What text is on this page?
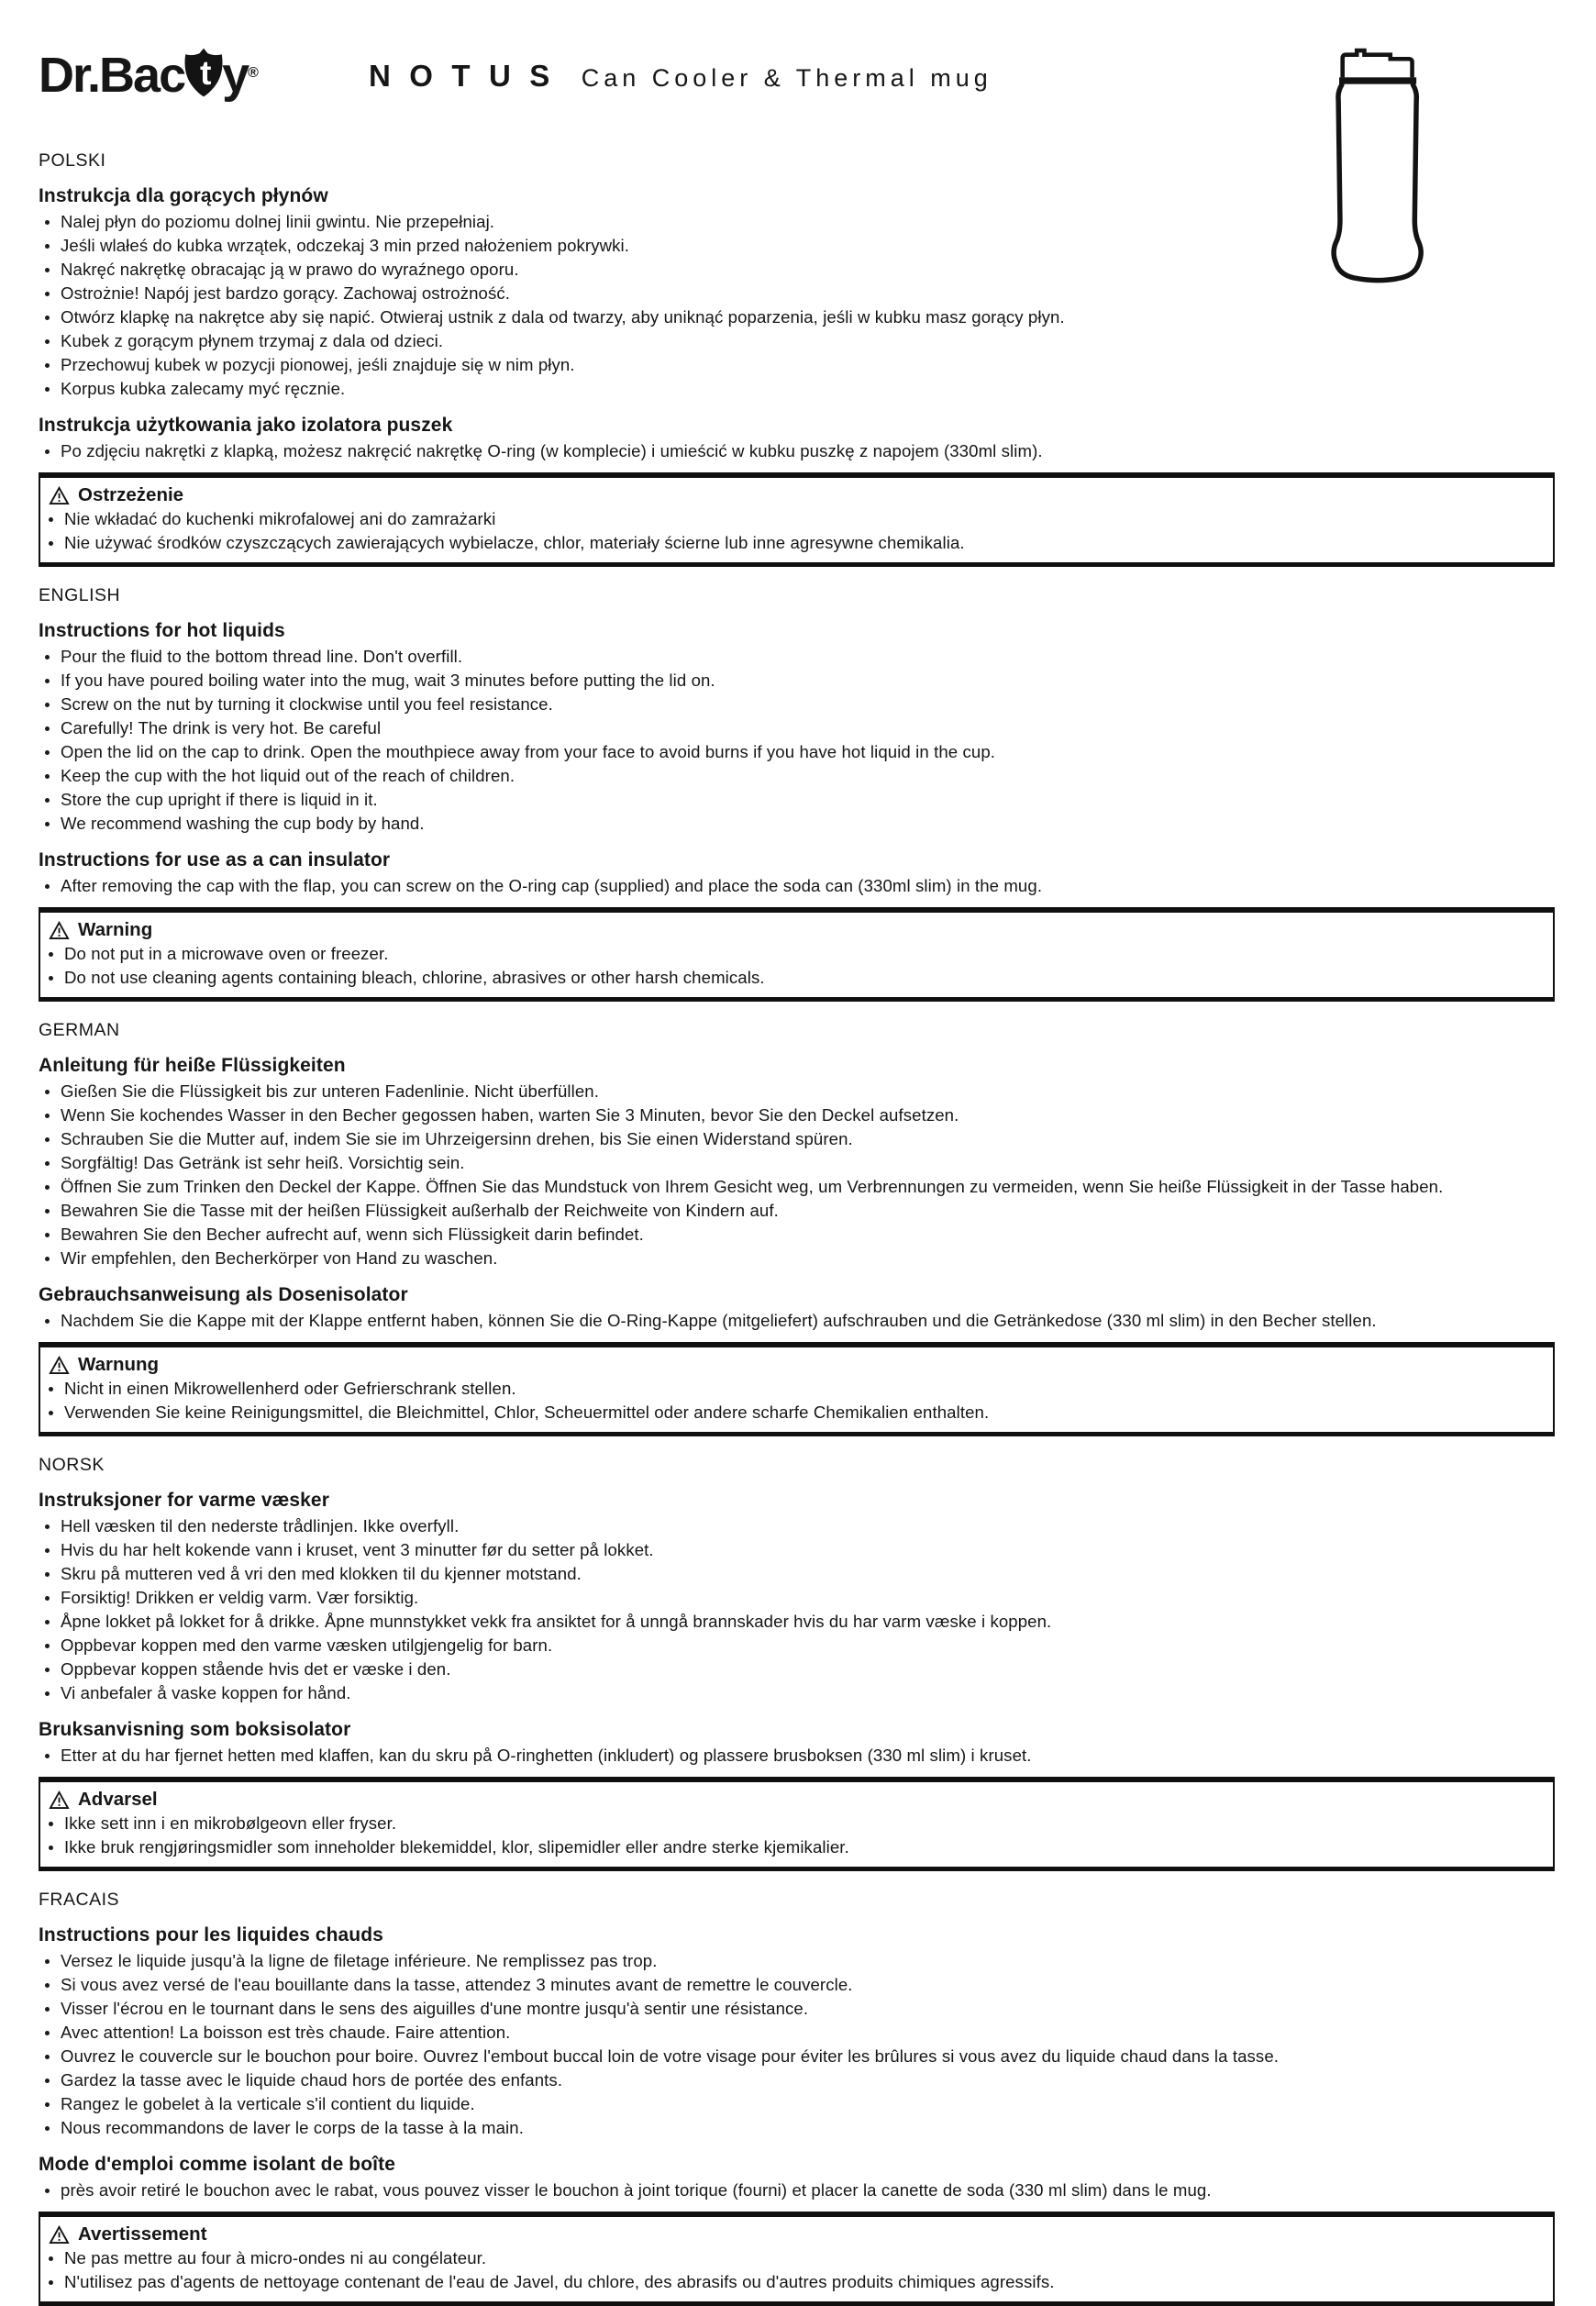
Dr.Bac t y ®	NOTUS Can Cooler & Thermal mug
POLSKI
Instrukcja dla gorących płynów
Nalej płyn do poziomu dolnej linii gwintu. Nie przepełniaj.
Jeśli wlałeś do kubka wrzątek, odczekaj 3 min przed nałożeniem pokrywki.
Nakręć nakrętkę obracając ją w prawo do wyraźnego oporu.
Ostrożnie! Napój jest bardzo gorący. Zachowaj ostrożność.
Otwórz klapkę na nakrętce aby się napić. Otwieraj ustnik z dala od twarzy, aby uniknąć poparzenia, jeśli w kubku masz gorący płyn.
Kubek z gorącym płynem trzymaj z dala od dzieci.
Przechowuj kubek w pozycji pionowej, jeśli znajduje się w nim płyn.
Korpus kubka zalecamy myć ręcznie.
Instrukcja użytkowania jako izolatora puszek
Po zdjęciu nakrętki z klapką, możesz nakręcić nakrętkę O-ring (w komplecie) i umieścić w kubku puszkę z napojem (330ml slim).
Ostrzeżenie
Nie wkładać do kuchenki mikrofalowej ani do zamrażarki
Nie używać środków czyszczących zawierających wybielacze, chlor, materiały ścierne lub inne agresywne chemikalia.
ENGLISH
Instructions for hot liquids
Pour the fluid to the bottom thread line. Don't overfill.
If you have poured boiling water into the mug, wait 3 minutes before putting the lid on.
Screw on the nut by turning it clockwise until you feel resistance.
Carefully! The drink is very hot. Be careful
Open the lid on the cap to drink. Open the mouthpiece away from your face to avoid burns if you have hot liquid in the cup.
Keep the cup with the hot liquid out of the reach of children.
Store the cup upright if there is liquid in it.
We recommend washing the cup body by hand.
Instructions for use as a can insulator
After removing the cap with the flap, you can screw on the O-ring cap (supplied) and place the soda can (330ml slim) in the mug.
Warning
Do not put in a microwave oven or freezer.
Do not use cleaning agents containing bleach, chlorine, abrasives or other harsh chemicals.
GERMAN
Anleitung für heiße Flüssigkeiten
Gießen Sie die Flüssigkeit bis zur unteren Fadenlinie. Nicht überfüllen.
Wenn Sie kochendes Wasser in den Becher gegossen haben, warten Sie 3 Minuten, bevor Sie den Deckel aufsetzen.
Schrauben Sie die Mutter auf, indem Sie sie im Uhrzeigersinn drehen, bis Sie einen Widerstand spüren.
Sorgfältig! Das Getränk ist sehr heiß. Vorsichtig sein.
Öffnen Sie zum Trinken den Deckel der Kappe. Öffnen Sie das Mundstuck von Ihrem Gesicht weg, um Verbrennungen zu vermeiden, wenn Sie heiße Flüssigkeit in der Tasse haben.
Bewahren Sie die Tasse mit der heißen Flüssigkeit außerhalb der Reichweite von Kindern auf.
Bewahren Sie den Becher aufrecht auf, wenn sich Flüssigkeit darin befindet.
Wir empfehlen, den Becherkörper von Hand zu waschen.
Gebrauchsanweisung als Dosenisolator
Nachdem Sie die Kappe mit der Klappe entfernt haben, können Sie die O-Ring-Kappe (mitgeliefert) aufschrauben und die Getränkedose (330 ml slim) in den Becher stellen.
Warnung
Nicht in einen Mikrowellenherd oder Gefrierschrank stellen.
Verwenden Sie keine Reinigungsmittel, die Bleichmittel, Chlor, Scheuermittel oder andere scharfe Chemikalien enthalten.
NORSK
Instruksjoner for varme væsker
Hell væsken til den nederste trådlinjen. Ikke overfyll.
Hvis du har helt kokende vann i kruset, vent 3 minutter før du setter på lokket.
Skru på mutteren ved å vri den med klokken til du kjenner motstand.
Forsiktig! Drikken er veldig varm. Vær forsiktig.
Åpne lokket på lokket for å drikke. Åpne munnstykket vekk fra ansiktet for å unngå brannskader hvis du har varm væske i koppen.
Oppbevar koppen med den varme væsken utilgjengelig for barn.
Oppbevar koppen stående hvis det er væske i den.
Vi anbefaler å vaske koppen for hånd.
Bruksanvisning som boksisolator
Etter at du har fjernet hetten med klaffen, kan du skru på O-ringhetten (inkludert) og plassere brusboksen (330 ml slim) i kruset.
Advarsel
Ikke sett inn i en mikrobølgeovn eller fryser.
Ikke bruk rengjøringsmidler som inneholder blekemiddel, klor, slipemidler eller andre sterke kjemikalier.
FRACAIS
Instructions pour les liquides chauds
Versez le liquide jusqu'à la ligne de filetage inférieure. Ne remplissez pas trop.
Si vous avez versé de l'eau bouillante dans la tasse, attendez 3 minutes avant de remettre le couvercle.
Visser l'écrou en le tournant dans le sens des aiguilles d'une montre jusqu'à sentir une résistance.
Avec attention! La boisson est très chaude. Faire attention.
Ouvrez le couvercle sur le bouchon pour boire. Ouvrez l'embout buccal loin de votre visage pour éviter les brûlures si vous avez du liquide chaud dans la tasse.
Gardez la tasse avec le liquide chaud hors de portée des enfants.
Rangez le gobelet à la verticale s'il contient du liquide.
Nous recommandons de laver le corps de la tasse à la main.
Mode d'emploi comme isolant de boîte
près avoir retiré le bouchon avec le rabat, vous pouvez visser le bouchon à joint torique (fourni) et placer la canette de soda (330 ml slim) dans le mug.
Avertissement
Ne pas mettre au four à micro-ondes ni au congélateur.
N'utilisez pas d'agents de nettoyage contenant de l'eau de Javel, du chlore, des abrasifs ou d'autres produits chimiques agressifs.
